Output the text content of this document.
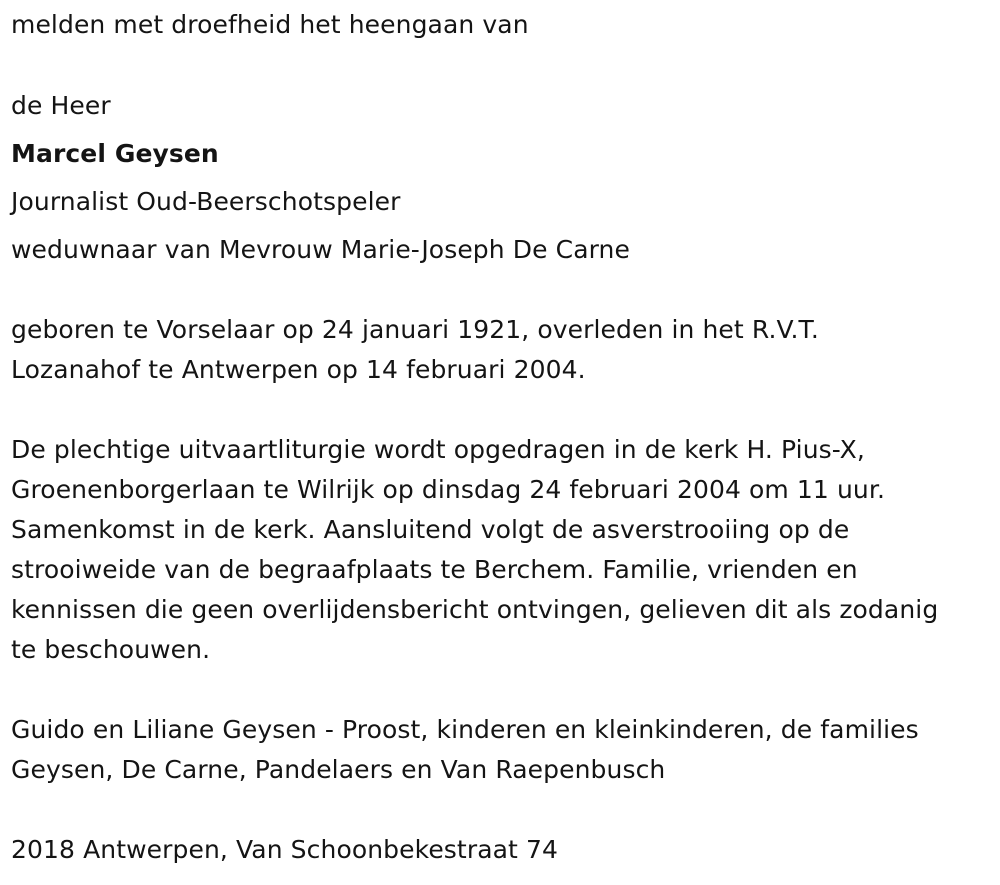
melden met droefheid het heengaan van
de Heer
Marcel Geysen
Journalist Oud-Beerschotspeler
weduwnaar van Mevrouw Marie-Joseph De Carne
geboren te Vorselaar op 24 januari 1921, overleden in het R.V.T.
Lozanahof te Antwerpen op 14 februari 2004.
De plechtige uitvaartliturgie wordt opgedragen in de kerk H. Pius-X,
Groenenborgerlaan te Wilrijk op dinsdag 24 februari 2004 om 11 uur.
Samenkomst in de kerk. Aansluitend volgt de asverstrooiing op de
strooiweide van de begraafplaats te Berchem. Familie, vrienden en
kennissen die geen overlijdensbericht ontvingen, gelieven dit als zodanig
te beschouwen.
Guido en Liliane Geysen - Proost, kinderen en kleinkinderen, de families
Geysen, De Carne, Pandelaers en Van Raepenbusch
2018 Antwerpen, Van Schoonbekestraat 74
